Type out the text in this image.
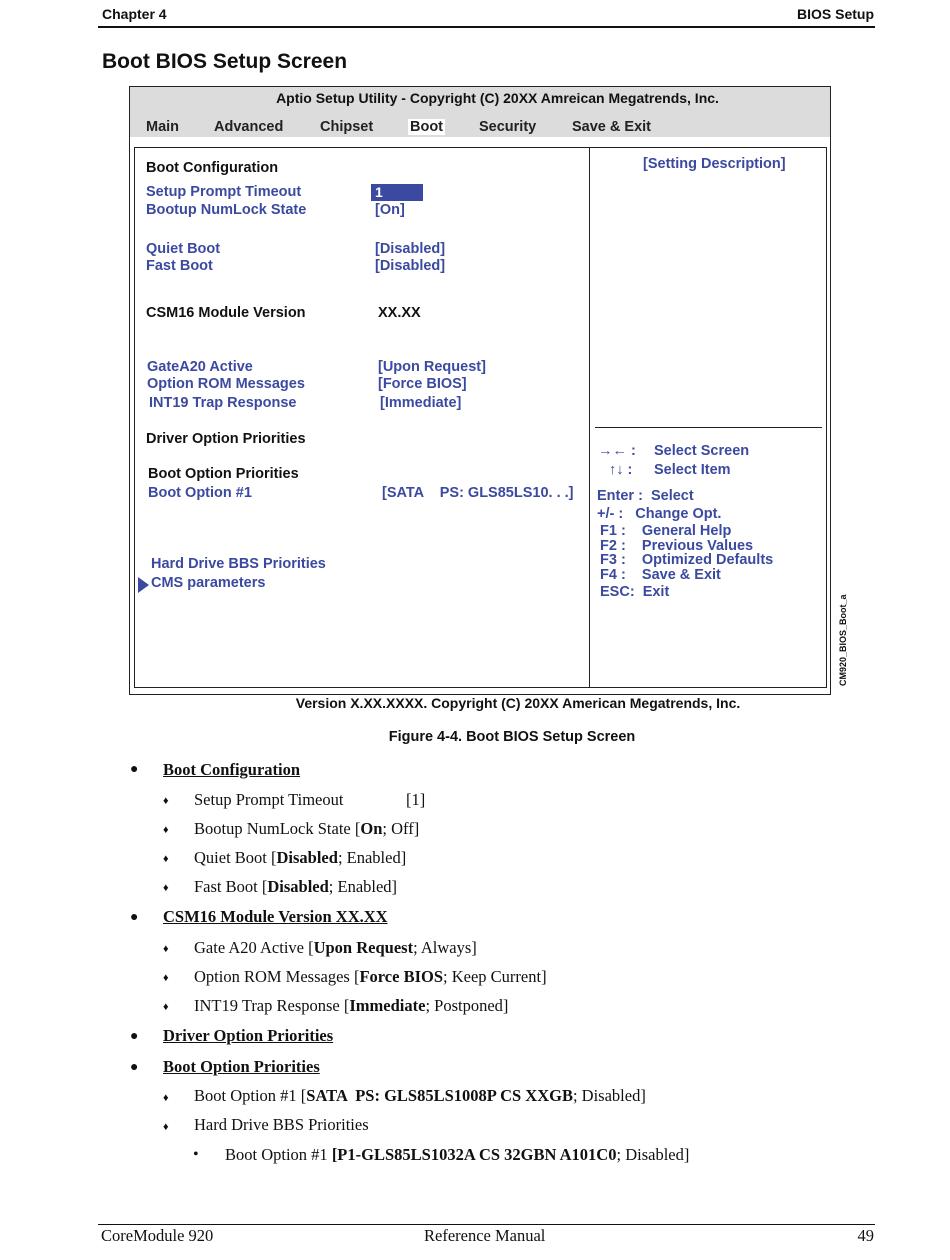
Chapter 4	BIOS Setup
Boot BIOS Setup Screen
Aptio Setup Utility - Copyright (C) 20XX Amreican Megatrends, Inc.
Main Advanced	Chipset	Boot Security Save & Exit
Boot Configuration
Setup Prompt Timeout	1
Bootup NumLock State	[On]
Quiet Boot	[Disabled]
Fast Boot	[Disabled]
CSM16 Module Version	XX.XX
GateA20 Active	[Upon Request]
Option ROM Messages	[Force BIOS]
INT19 Trap Response	[Immediate]
Driver Option Priorities
Boot Option Priorities
Boot Option #1	[SATA    PS: GLS85LS10. . .]
Hard Drive BBS Priorities
CMS parameters
[Setting Description]
→← : Select Screen
↑↓ : Select Item
Enter :  Select
+/- :   Change Opt.
F1 :    General Help
F2 :    Previous Values
F3 :    Optimized Defaults
F4 :    Save & Exit
ESC:  Exit
CM920_BIOS_Boot_a
Version X.XX.XXXX. Copyright (C) 20XX American Megatrends, Inc.
Figure 4-4. Boot BIOS Setup Screen
● Boot Configuration
♦ Setup Prompt Timeout	[1]
♦ Bootup NumLock State [On; Off]
♦ Quiet Boot [Disabled; Enabled]
♦ Fast Boot [Disabled; Enabled]
● CSM16 Module Version XX.XX
♦ Gate A20 Active [Upon Request; Always]
♦ Option ROM Messages [Force BIOS; Keep Current]
♦ INT19 Trap Response [Immediate; Postponed]
● Driver Option Priorities
● Boot Option Priorities
♦ Boot Option #1 [SATA  PS: GLS85LS1008P CS XXGB; Disabled]
♦ Hard Drive BBS Priorities
• Boot Option #1 [P1-GLS85LS1032A CS 32GBN A101C0; Disabled]
CoreModule 920	Reference Manual	49
